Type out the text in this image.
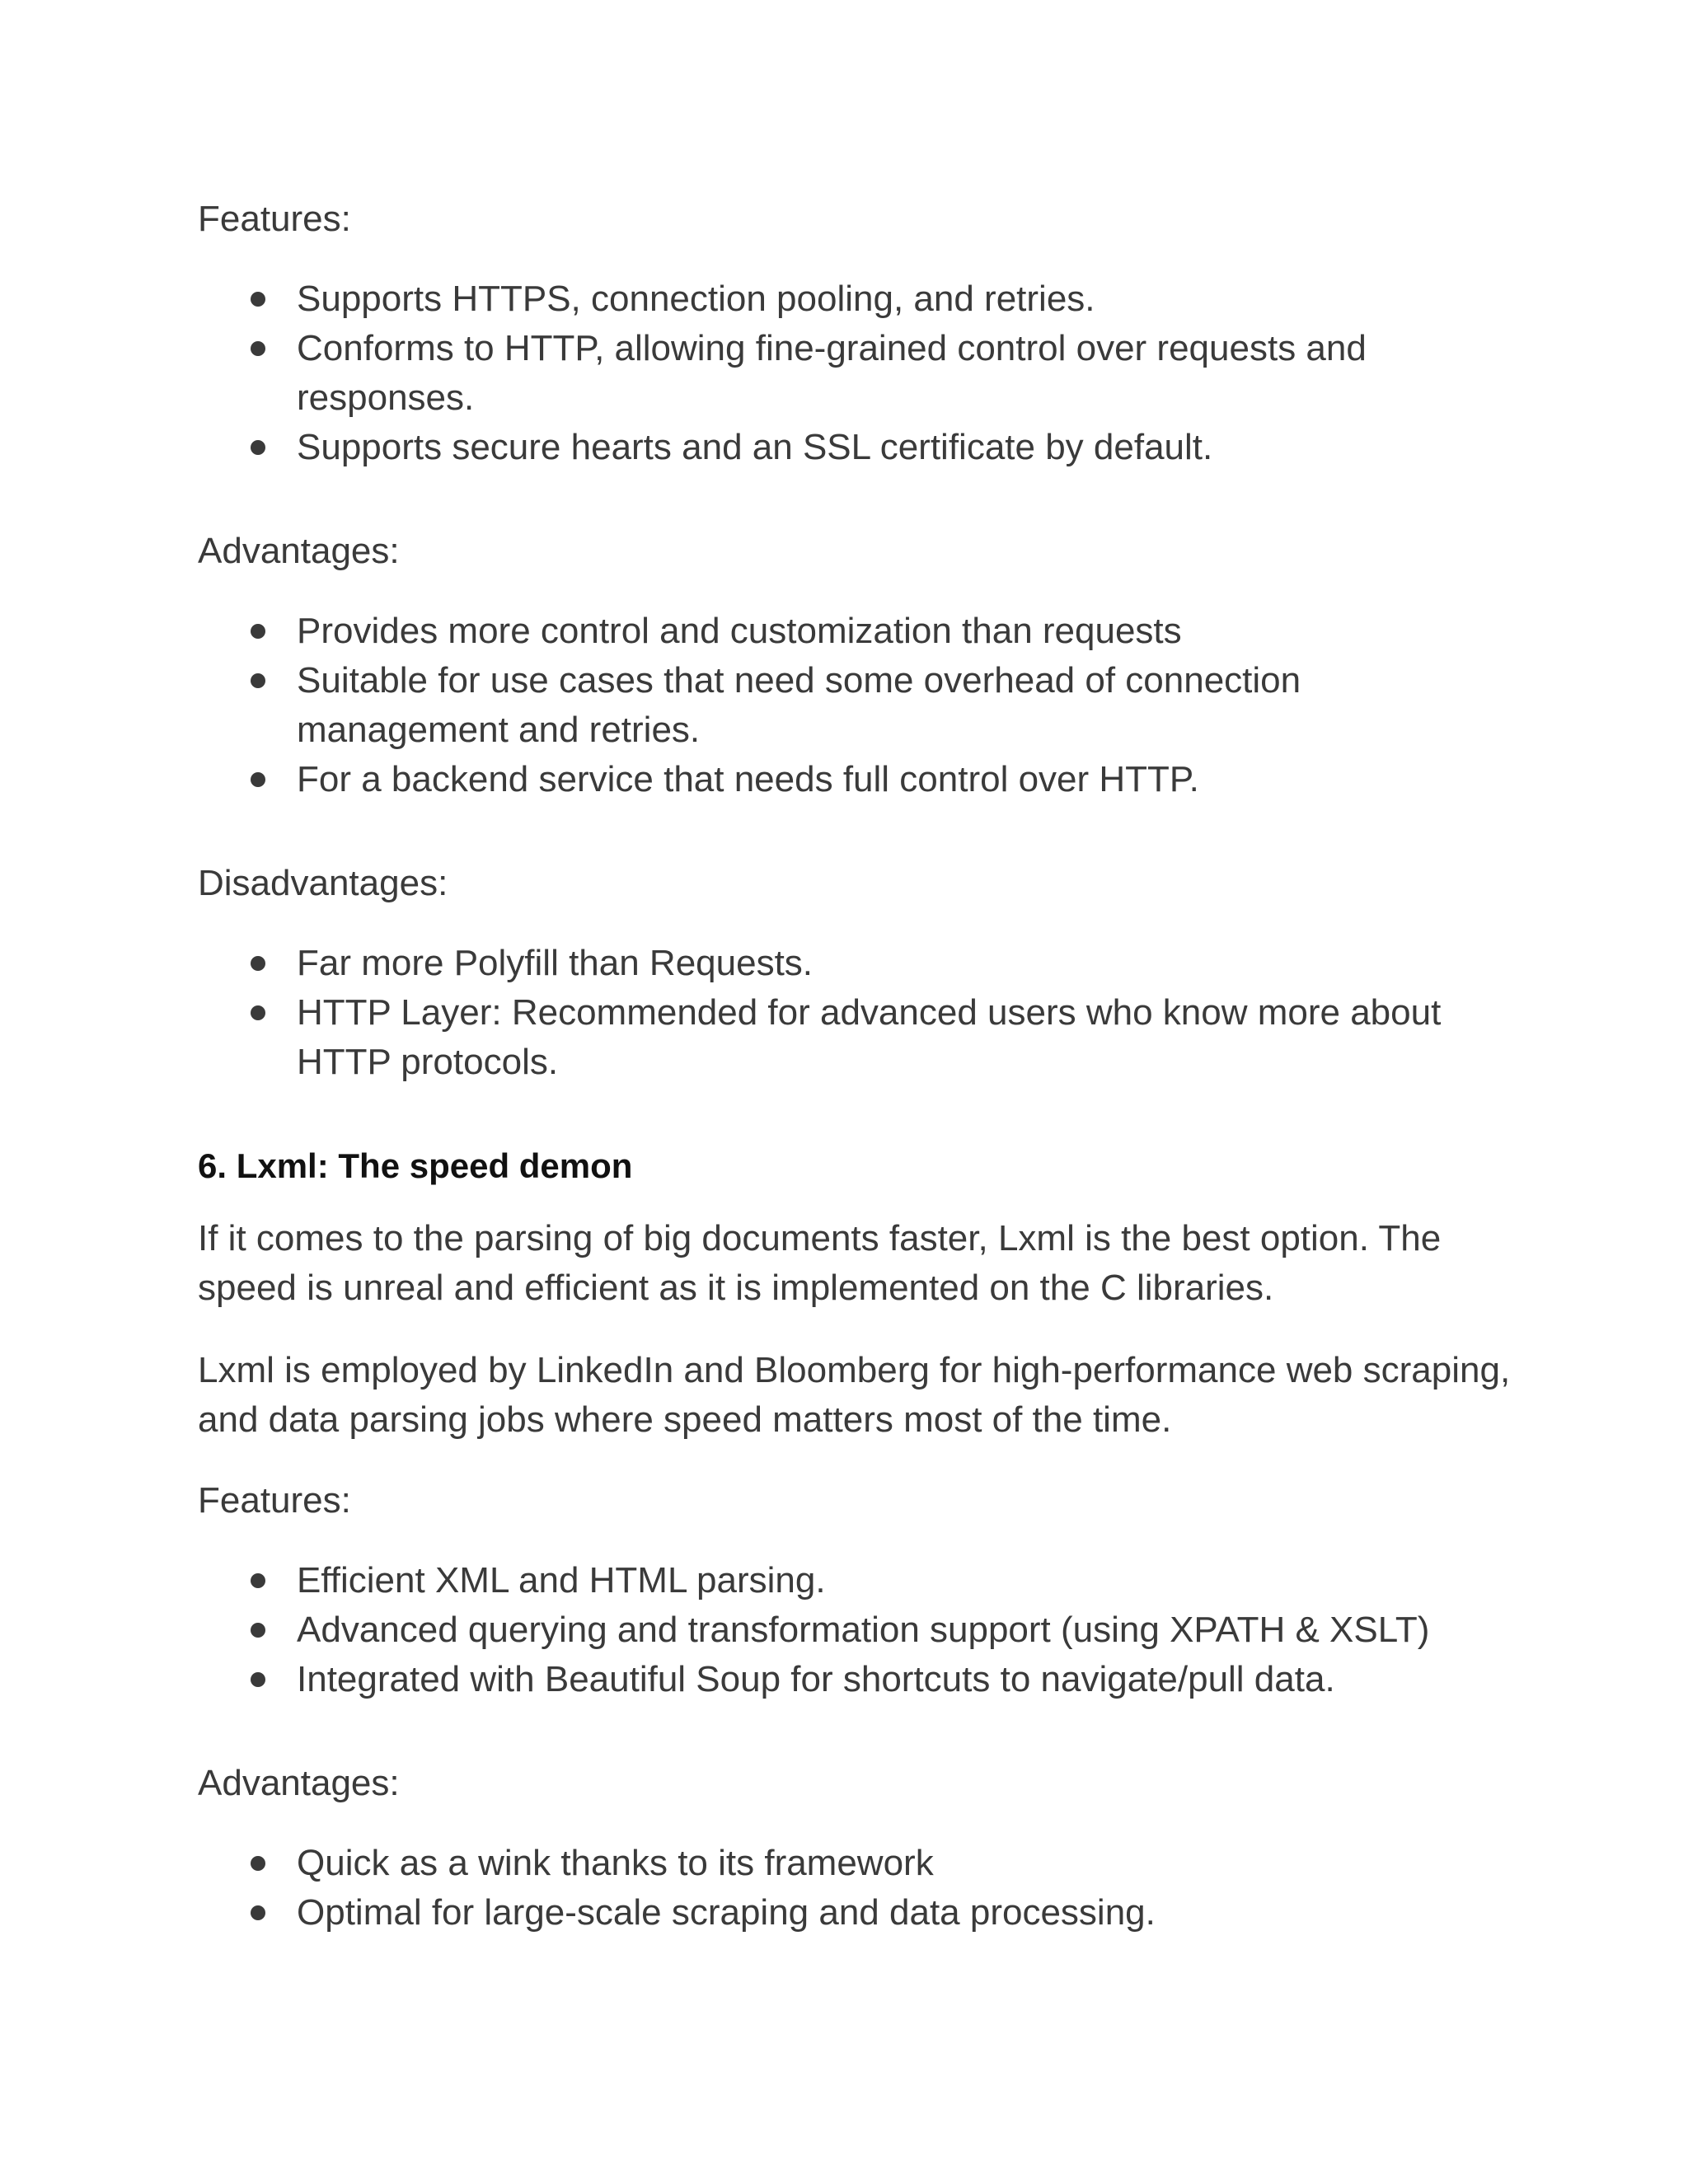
Features:

Supports HTTPS, connection pooling, and retries.
Conforms to HTTP, allowing fine-grained control over requests and responses.
Supports secure hearts and an SSL certificate by default.

Advantages:

Provides more control and customization than requests
Suitable for use cases that need some overhead of connection management and retries.
For a backend service that needs full control over HTTP.

Disadvantages:

Far more Polyfill than Requests.
HTTP Layer: Recommended for advanced users who know more about HTTP protocols.
6. Lxml: The speed demon

If it comes to the parsing of big documents faster, Lxml is the best option. The speed is unreal and efficient as it is implemented on the C libraries.

Lxml is employed by LinkedIn and Bloomberg for high-performance web scraping, and data parsing jobs where speed matters most of the time.

Features:

Efficient XML and HTML parsing.
Advanced querying and transformation support (using XPATH & XSLT)
Integrated with Beautiful Soup for shortcuts to navigate/pull data.

Advantages:

Quick as a wink thanks to its framework
Optimal for large-scale scraping and data processing.
